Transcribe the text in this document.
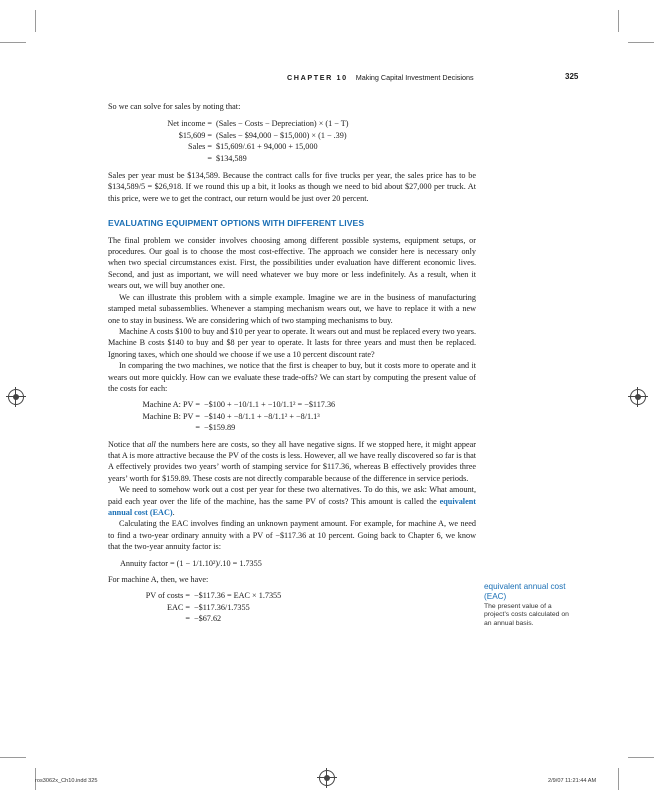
CHAPTER 10 Making Capital Investment Decisions	325

So we can solve for sales by noting that:

Net income = (Sales − Costs − Depreciation) × (1 − T)
$15,609 = (Sales − $94,000 − $15,000) × (1 − .39)
Sales = $15,609/.61 + 94,000 + 15,000
= $134,589

Sales per year must be $134,589. Because the contract calls for five trucks per year, the sales price has to be $134,589/5 = $26,918. If we round this up a bit, it looks as though we need to bid about $27,000 per truck. At this price, were we to get the contract, our return would be just over 20 percent.

EVALUATING EQUIPMENT OPTIONS WITH DIFFERENT LIVES

The final problem we consider involves choosing among different possible systems, equipment setups, or procedures. Our goal is to choose the most cost-effective. The approach we consider here is necessary only when two special circumstances exist. First, the possibilities under evaluation have different economic lives. Second, and just as important, we will need whatever we buy more or less indefinitely. As a result, when it wears out, we will buy another one.

We can illustrate this problem with a simple example. Imagine we are in the business of manufacturing stamped metal subassemblies. Whenever a stamping mechanism wears out, we have to replace it with a new one to stay in business. We are considering which of two stamping mechanisms to buy.

Machine A costs $100 to buy and $10 per year to operate. It wears out and must be replaced every two years. Machine B costs $140 to buy and $8 per year to operate. It lasts for three years and must then be replaced. Ignoring taxes, which one should we choose if we use a 10 percent discount rate?

In comparing the two machines, we notice that the first is cheaper to buy, but it costs more to operate and it wears out more quickly. How can we evaluate these trade-offs? We can start by computing the present value of the costs for each:

Machine A: PV = −$100 + −10/1.1 + −10/1.1² = −$117.36
Machine B: PV = −$140 + −8/1.1 + −8/1.1² + −8/1.1³
= −$159.89

Notice that all the numbers here are costs, so they all have negative signs. If we stopped here, it might appear that A is more attractive because the PV of the costs is less. However, all we have really discovered so far is that A effectively provides two years’ worth of stamping service for $117.36, whereas B effectively provides three years’ worth for $159.89. These costs are not directly comparable because of the difference in service periods.

We need to somehow work out a cost per year for these two alternatives. To do this, we ask: What amount, paid each year over the life of the machine, has the same PV of costs? This amount is called the equivalent annual cost (EAC).

Calculating the EAC involves finding an unknown payment amount. For example, for machine A, we need to find a two-year ordinary annuity with a PV of −$117.36 at 10 percent. Going back to Chapter 6, we know that the two-year annuity factor is:

Annuity factor = (1 − 1/1.10²)/.10 = 1.7355

For machine A, then, we have:

PV of costs = −$117.36 = EAC × 1.7355
EAC = −$117.36/1.7355
= −$67.62
equivalent annual cost (EAC)
The present value of a project’s costs calculated on an annual basis.
ros3062x_Ch10.indd 325	2/9/07 11:21:44 AM
